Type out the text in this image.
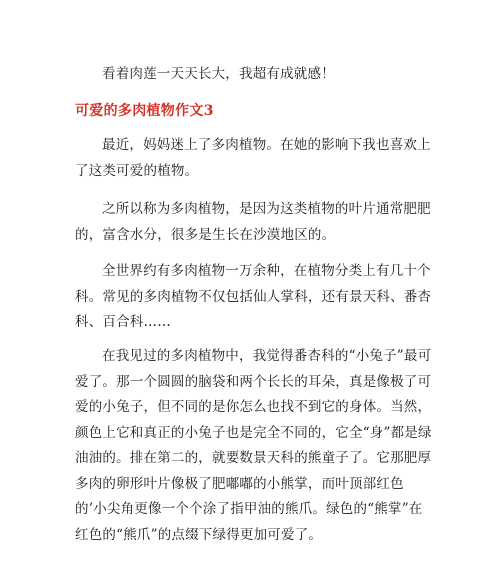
看着肉莲一天天长大，我超有成就感！

可爱的多肉植物作文3

最近，妈妈迷上了多肉植物。在她的影响下我也喜欢上了这类可爱的植物。

之所以称为多肉植物，是因为这类植物的叶片通常肥肥的，富含水分，很多是生长在沙漠地区的。

全世界约有多肉植物一万余种，在植物分类上有几十个科。常见的多肉植物不仅包括仙人掌科，还有景天科、番杏科、百合科……

在我见过的多肉植物中，我觉得番杏科的“小兔子”最可爱了。那一个圆圆的脑袋和两个长长的耳朵，真是像极了可爱的小兔子，但不同的是你怎么也找不到它的身体。当然，颜色上它和真正的小兔子也是完全不同的，它全“身”都是绿油油的。排在第二的，就要数景天科的熊童子了。它那肥厚多肉的卵形叶片像极了肥嘟嘟的小熊掌，而叶顶部红色的’小尖角更像一个个涂了指甲油的熊爪。绿色的“熊掌”在红色的“熊爪”的点缀下绿得更加可爱了。
